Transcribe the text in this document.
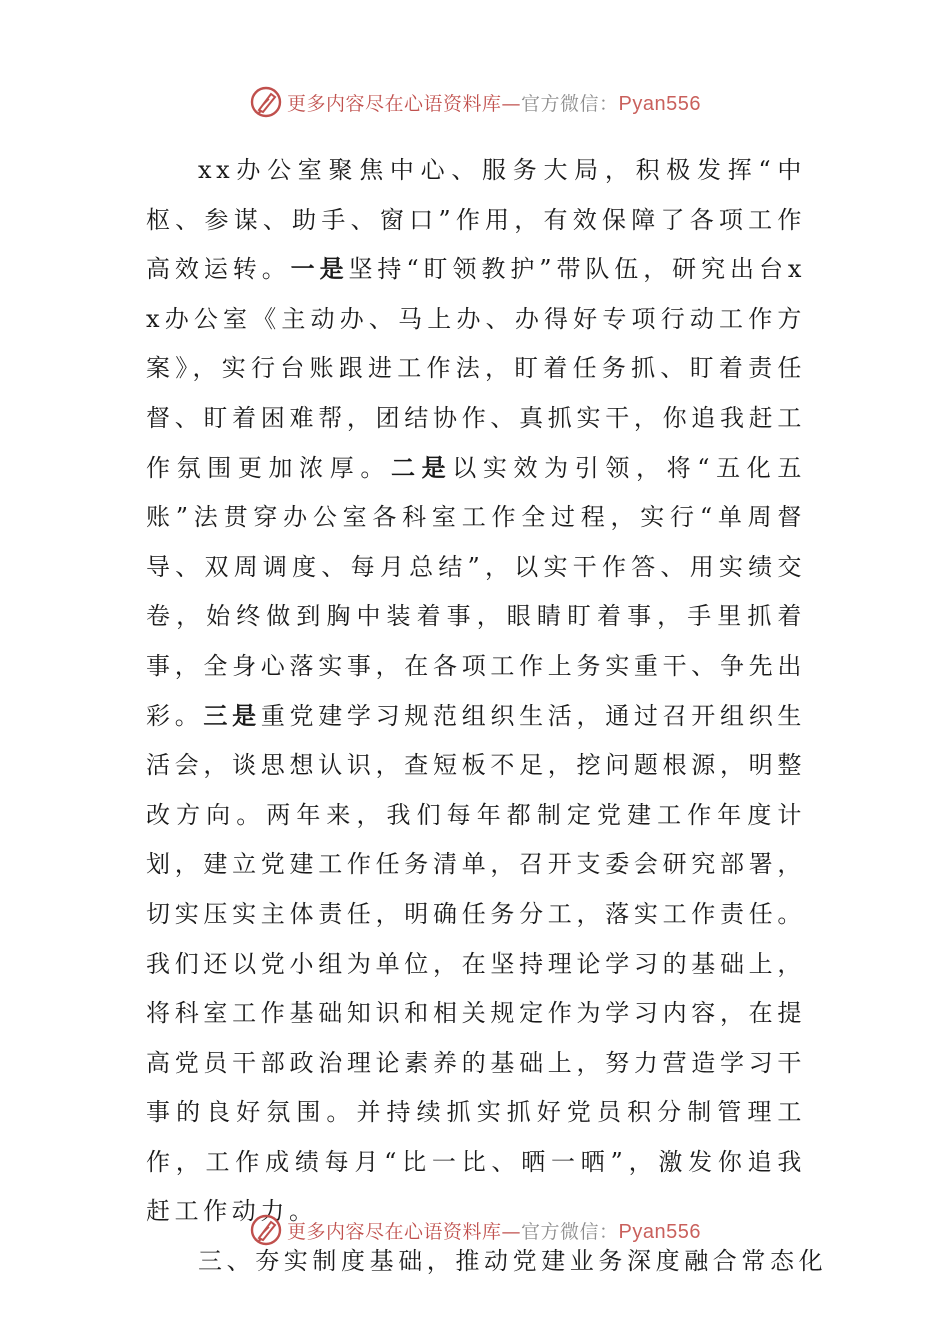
更多内容尽在心语资料库—官方微信：Pyan556

xx办公室聚焦中心、服务大局，积极发挥“中枢、参谋、助手、窗口”作用，有效保障了各项工作高效运转。一是坚持“盯领教护”带队伍，研究出台xx办公室《主动办、马上办、办得好专项行动工作方案》，实行台账跟进工作法，盯着任务抓、盯着责任督、盯着困难帮，团结协作、真抓实干，你追我赶工作氛围更加浓厚。二是以实效为引领，将“五化五账”法贯穿办公室各科室工作全过程，实行“单周督导、双周调度、每月总结”，以实干作答、用实绩交卷，始终做到胸中装着事，眼睛盯着事，手里抓着事，全身心落实事，在各项工作上务实重干、争先出彩。三是重党建学习规范组织生活，通过召开组织生活会，谈思想认识，查短板不足，挖问题根源，明整改方向。两年来，我们每年都制定党建工作年度计划，建立党建工作任务清单，召开支委会研究部署，切实压实主体责任，明确任务分工，落实工作责任。我们还以党小组为单位，在坚持理论学习的基础上，将科室工作基础知识和相关规定作为学习内容，在提高党员干部政治理论素养的基础上，努力营造学习干事的良好氛围。并持续抓实抓好党员积分制管理工作，工作成绩每月“比一比、晒一晒”，激发你追我赶工作动力。

三、夯实制度基础，推动党建业务深度融合常态化

更多内容尽在心语资料库—官方微信：Pyan556
